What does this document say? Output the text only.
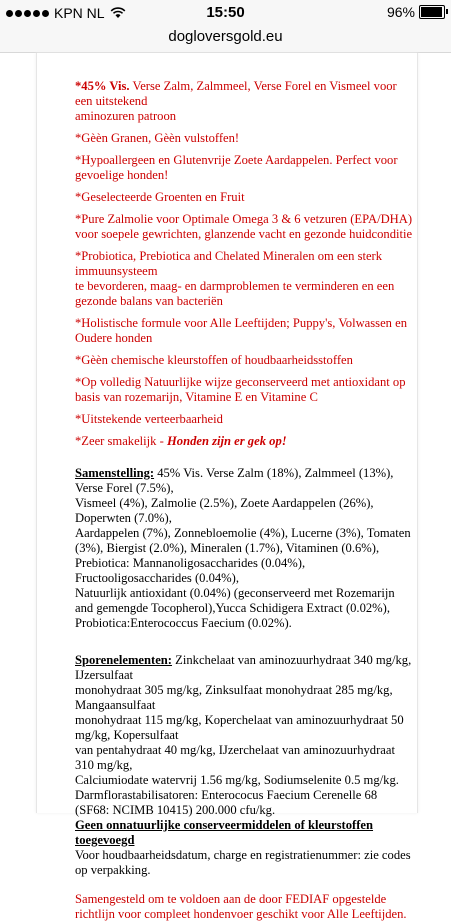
KPN NL	15:50	96%
dogloversgold.eu

*45% Vis. Verse Zalm, Zalmmeel, Verse Forel en Vismeel voor een uitstekend
aminozuren patroon
*Gèèn Granen, Gèèn vulstoffen!
*Hypoallergeen en Glutenvrije Zoete Aardappelen. Perfect voor gevoelige honden!
*Geselecteerde Groenten en Fruit
*Pure Zalmolie voor Optimale Omega 3 & 6 vetzuren (EPA/DHA) voor soepele gewrichten, glanzende vacht en gezonde huidconditie
*Probiotica, Prebiotica and Chelated Mineralen om een sterk immuunsysteem
te bevorderen, maag- en darmproblemen te verminderen en een gezonde balans van bacteriën
*Holistische formule voor Alle Leeftijden; Puppy's, Volwassen en Oudere honden
*Gèèn chemische kleurstoffen of houdbaarheidsstoffen
*Op volledig Natuurlijke wijze geconserveerd met antioxidant op basis van rozemarijn, Vitamine E en Vitamine C
*Uitstekende verteerbaarheid
*Zeer smakelijk - Honden zijn er gek op!
Samenstelling: 45% Vis. Verse Zalm (18%), Zalmmeel (13%), Verse Forel (7.5%),
Vismeel (4%), Zalmolie (2.5%), Zoete Aardappelen (26%), Doperwten (7.0%),
Aardappelen (7%), Zonnebloemolie (4%), Lucerne (3%), Tomaten (3%), Biergist (2.0%), Mineralen (1.7%), Vitaminen (0.6%), Prebiotica: Mannanoligosaccharides (0.04%), Fructooligosaccharides (0.04%),
Natuurlijk antioxidant (0.04%) (geconserveerd met Rozemarijn and gemengde Tocopherol),Yucca Schidigera Extract (0.02%),
Probiotica:Enterococcus Faecium (0.02%).
Sporenelementen: Zinkchelaat van aminozuurhydraat 340 mg/kg, IJzersulfaat
monohydraat 305 mg/kg, Zinksulfaat monohydraat 285 mg/kg, Mangaansulfaat
monohydraat 115 mg/kg, Koperchelaat van aminozuurhydraat 50 mg/kg, Kopersulfaat
van pentahydraat 40 mg/kg, IJzerchelaat van aminozuurhydraat 310 mg/kg,
Calciumiodate watervrij 1.56 mg/kg, Sodiumselenite 0.5 mg/kg.
Darmflorastabilisatoren: Enterococus Faecium Cerenelle 68
(SF68: NCIMB 10415) 200.000 cfu/kg.
Geen onnatuurlijke conserveermiddelen of kleurstoffen toegevoegd
Voor houdbaarheidsdatum, charge en registratienummer: zie codes op verpakking.
Samengesteld om te voldoen aan de door FEDIAF opgestelde richtlijn voor compleet hondenvoer geschikt voor Alle Leeftijden.
